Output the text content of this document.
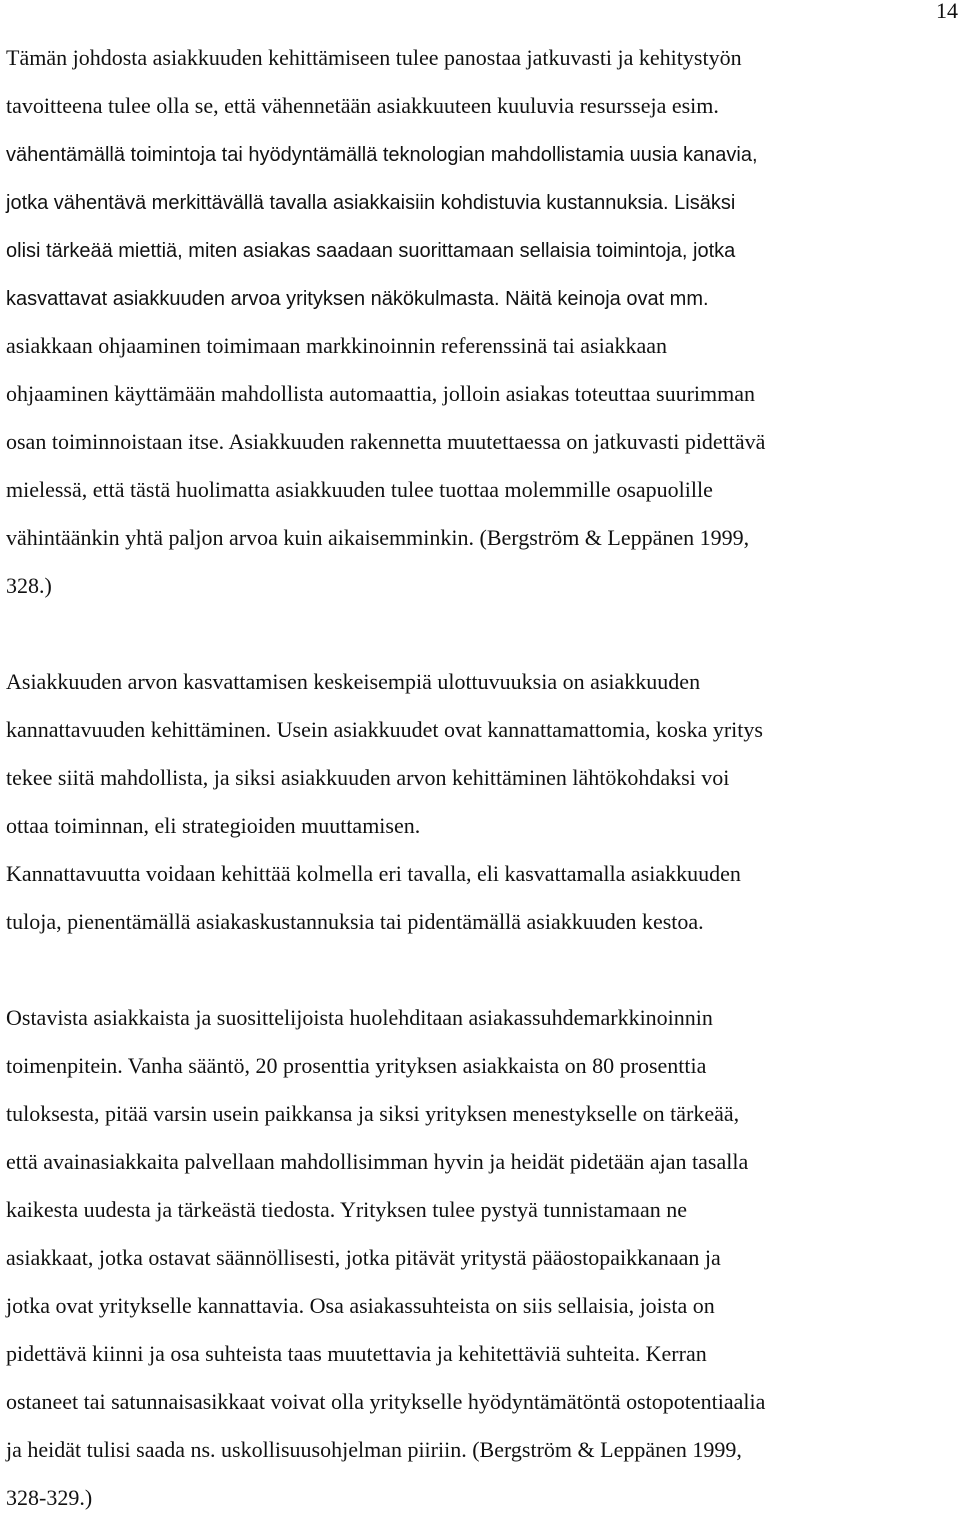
14
Tämän johdosta asiakkuuden kehittämiseen tulee panostaa jatkuvasti ja kehitystyön
tavoitteena tulee olla se, että vähennetään asiakkuuteen kuuluvia resursseja esim.
vähentämällä toimintoja tai hyödyntämällä teknologian mahdollistamia uusia kanavia,
jotka vähentävä merkittävällä tavalla asiakkaisiin kohdistuvia kustannuksia. Lisäksi
olisi tärkeää miettiä, miten asiakas saadaan suorittamaan sellaisia toimintoja, jotka
kasvattavat asiakkuuden arvoa yrityksen näkökulmasta. Näitä keinoja ovat mm.
asiakkaan ohjaaminen toimimaan markkinoinnin referenssinä tai asiakkaan
ohjaaminen käyttämään mahdollista automaattia, jolloin asiakas toteuttaa suurimman
osan toiminnoistaan itse. Asiakkuuden rakennetta muutettaessa on jatkuvasti pidettävä
mielessä, että tästä huolimatta asiakkuuden tulee tuottaa molemmille osapuolille
vähintäänkin yhtä paljon arvoa kuin aikaisemminkin. (Bergström & Leppänen 1999,
328.)
Asiakkuuden arvon kasvattamisen keskeisempiä ulottuvuuksia on asiakkuuden
kannattavuuden kehittäminen. Usein asiakkuudet ovat kannattamattomia, koska yritys
tekee siitä mahdollista, ja siksi asiakkuuden arvon kehittäminen lähtökohdaksi voi
ottaa toiminnan, eli strategioiden muuttamisen.
Kannattavuutta voidaan kehittää kolmella eri tavalla, eli kasvattamalla asiakkuuden
tuloja, pienentämällä asiakaskustannuksia tai pidentämällä asiakkuuden kestoa.
Ostavista asiakkaista ja suosittelijoista huolehditaan asiakassuhdemarkkinoinnin
toimenpitein. Vanha sääntö, 20 prosenttia yrityksen asiakkaista on 80 prosenttia
tuloksesta, pitää varsin usein paikkansa ja siksi yrityksen menestykselle on tärkeää,
että avainasiakkaita palvellaan mahdollisimman hyvin ja heidät pidetään ajan tasalla
kaikesta uudesta ja tärkeästä tiedosta. Yrityksen tulee pystyä tunnistamaan ne
asiakkaat, jotka ostavat säännöllisesti, jotka pitävät yritystä pääostopaikkanaan ja
jotka ovat yritykselle kannattavia. Osa asiakassuhteista on siis sellaisia, joista on
pidettävä kiinni ja osa suhteista taas muutettavia ja kehitettäviä suhteita. Kerran
ostaneet tai satunnaisasikkaat voivat olla yritykselle hyödyntämätöntä ostopotentiaalia
ja heidät tulisi saada ns. uskollisuusohjelman piiriin. (Bergström & Leppänen 1999,
328-329.)
